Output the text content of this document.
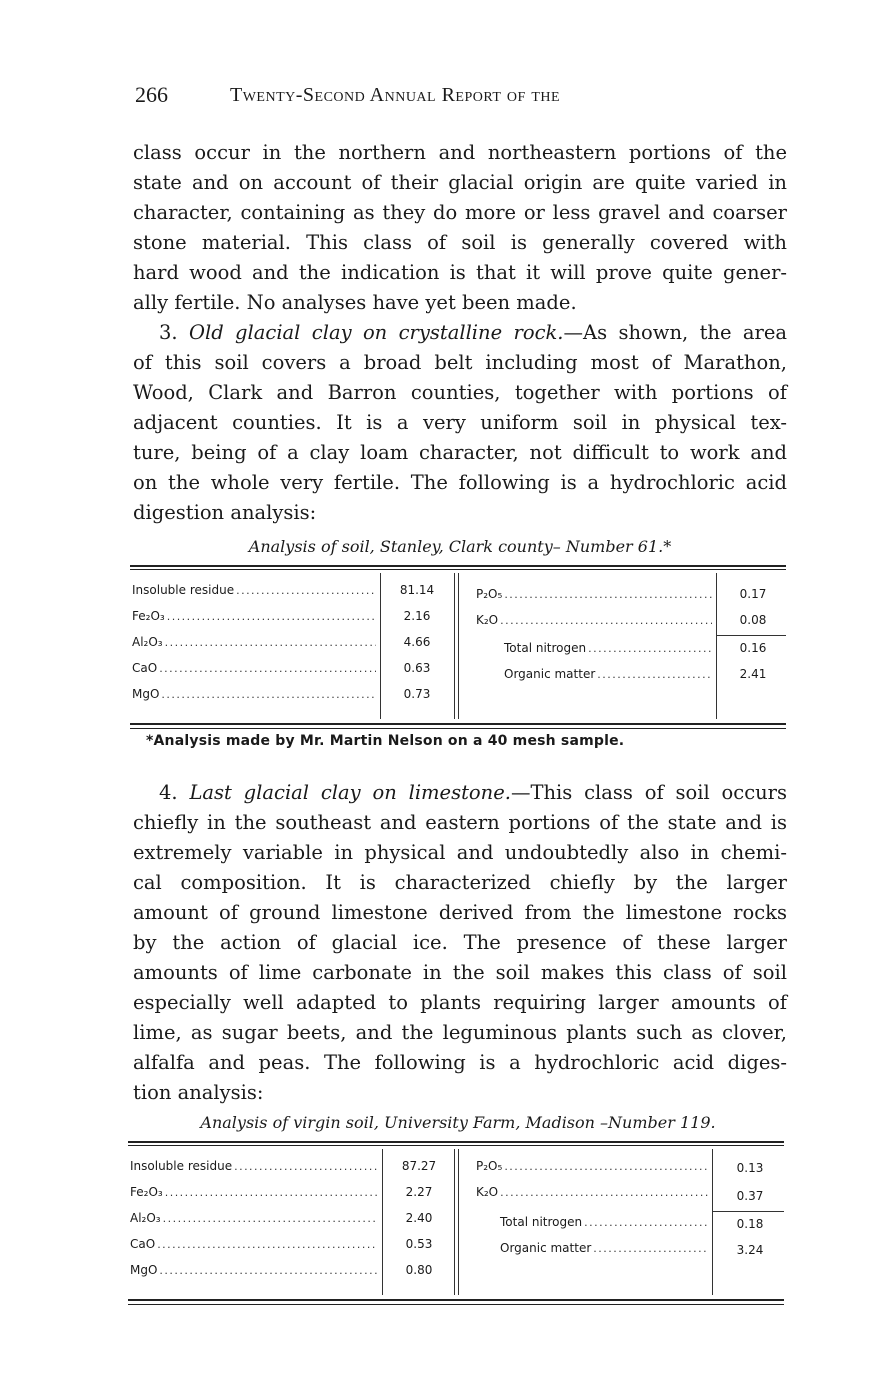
266	Twenty-Second Annual Report of the
class occur in the northern and northeastern portions of the
state and on account of their glacial origin are quite varied in
character, containing as they do more or less gravel and coarser
stone material. This class of soil is generally covered with
hard wood and the indication is that it will prove quite gener-
ally fertile. No analyses have yet been made.
3. Old glacial clay on crystalline rock.—As shown, the area
of this soil covers a broad belt including most of Marathon,
Wood, Clark and Barron counties, together with portions of
adjacent counties. It is a very uniform soil in physical tex-
ture, being of a clay loam character, not difficult to work and
on the whole very fertile. The following is a hydrochloric acid
digestion analysis:
Analysis of soil, Stanley, Clark county– Number 61.*
Insoluble residue
. . .
Fe₂O₃
. . .
Al₂O₃
. . .
CaO
. . .
MgO
. . .
81.14
2.16
4.66
0.63
0.73
P₂O₅
. . .
K₂O
. . .
Total nitrogen
. . .
Organic matter
. . .
0.17
0.08
0.16
2.41
*Analysis made by Mr. Martin Nelson on a 40 mesh sample.
4. Last glacial clay on limestone.—This class of soil occurs
chiefly in the southeast and eastern portions of the state and is
extremely variable in physical and undoubtedly also in chemi-
cal composition. It is characterized chiefly by the larger
amount of ground limestone derived from the limestone rocks
by the action of glacial ice. The presence of these larger
amounts of lime carbonate in the soil makes this class of soil
especially well adapted to plants requiring larger amounts of
lime, as sugar beets, and the leguminous plants such as clover,
alfalfa and peas. The following is a hydrochloric acid diges-
tion analysis:
Analysis of virgin soil, University Farm, Madison –Number 119.
Insoluble residue
. . .
Fe₂O₃
. . .
Al₂O₃
. . .
CaO
. . .
MgO
. . .
87.27
2.27
2.40
0.53
0.80
P₂O₅
. . .
K₂O
. . .
Total nitrogen
. . .
Organic matter
. . .
0.13
0.37
0.18
3.24
